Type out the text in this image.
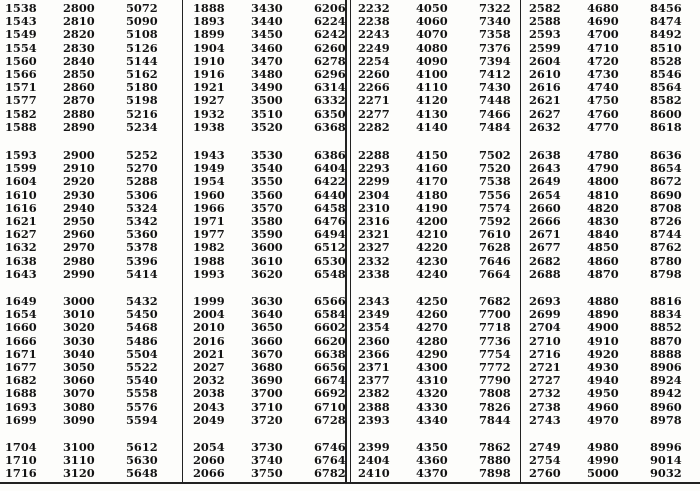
1538 2800	5072
1543 2810	5090
1549 2820	5108
1554 2830	5126
1560 2840	5144
1566 2850	5162
1571 2860	5180
1577 2870	5198
1582 2880	5216
1588 2890	5234
1593 2900	5252
1599 2910	5270
1604 2920	5288
1610 2930	5306
1616 2940	5324
1621 2950	5342
1627 2960	5360
1632 2970	5378
1638 2980	5396
1643 2990	5414
1649 3000	5432
1654 3010	5450
1660 3020	5468
1666 3030	5486
1671 3040	5504
1677 3050	5522
1682 3060	5540
1688 3070	5558
1693 3080	5576
1699 3090	5594
1704 3100	5612
1710 3110	5630
1716 3120	5648
1888 3430	6206
1893 3440	6224
1899 3450	6242
1904 3460	6260
1910 3470	6278
1916 3480	6296
1921 3490	6314
1927 3500	6332
1932 3510	6350
1938 3520	6368
1943 3530	6386
1949 3540	6404
1954 3550	6422
1960 3560	6440
1966 3570	6458
1971 3580	6476
1977 3590	6494
1982 3600	6512
1988 3610	6530
1993 3620	6548
1999 3630	6566
2004 3640	6584
2010 3650	6602
2016 3660	6620
2021 3670	6638
2027 3680	6656
2032 3690	6674
2038 3700	6692
2043 3710	6710
2049 3720	6728
2054 3730	6746
2060 3740	6764
2066 3750	6782
2232 4050	7322
2238 4060	7340
2243 4070	7358
2249 4080	7376
2254 4090	7394
2260 4100	7412
2266 4110	7430
2271 4120	7448
2277 4130	7466
2282 4140	7484
2288 4150	7502
2293 4160	7520
2299 4170	7538
2304 4180	7556
2310 4190	7574
2316 4200	7592
2321 4210	7610
2327 4220	7628
2332 4230	7646
2338 4240	7664
2343 4250	7682
2349 4260	7700
2354 4270	7718
2360 4280	7736
2366 4290	7754
2371 4300	7772
2377 4310	7790
2382 4320	7808
2388 4330	7826
2393 4340	7844
2399 4350	7862
2404 4360	7880
2410 4370	7898
2582 4680	8456
2588 4690	8474
2593 4700	8492
2599 4710	8510
2604 4720	8528
2610 4730	8546
2616 4740	8564
2621 4750	8582
2627 4760	8600
2632 4770	8618
2638 4780	8636
2643 4790	8654
2649 4800	8672
2654 4810	8690
2660 4820	8708
2666 4830	8726
2671 4840	8744
2677 4850	8762
2682 4860	8780
2688 4870	8798
2693 4880	8816
2699 4890	8834
2704 4900	8852
2710 4910	8870
2716 4920	8888
2721 4930	8906
2727 4940	8924
2732 4950	8942
2738 4960	8960
2743 4970	8978
2749 4980	8996
2754 4990	9014
2760 5000	9032
